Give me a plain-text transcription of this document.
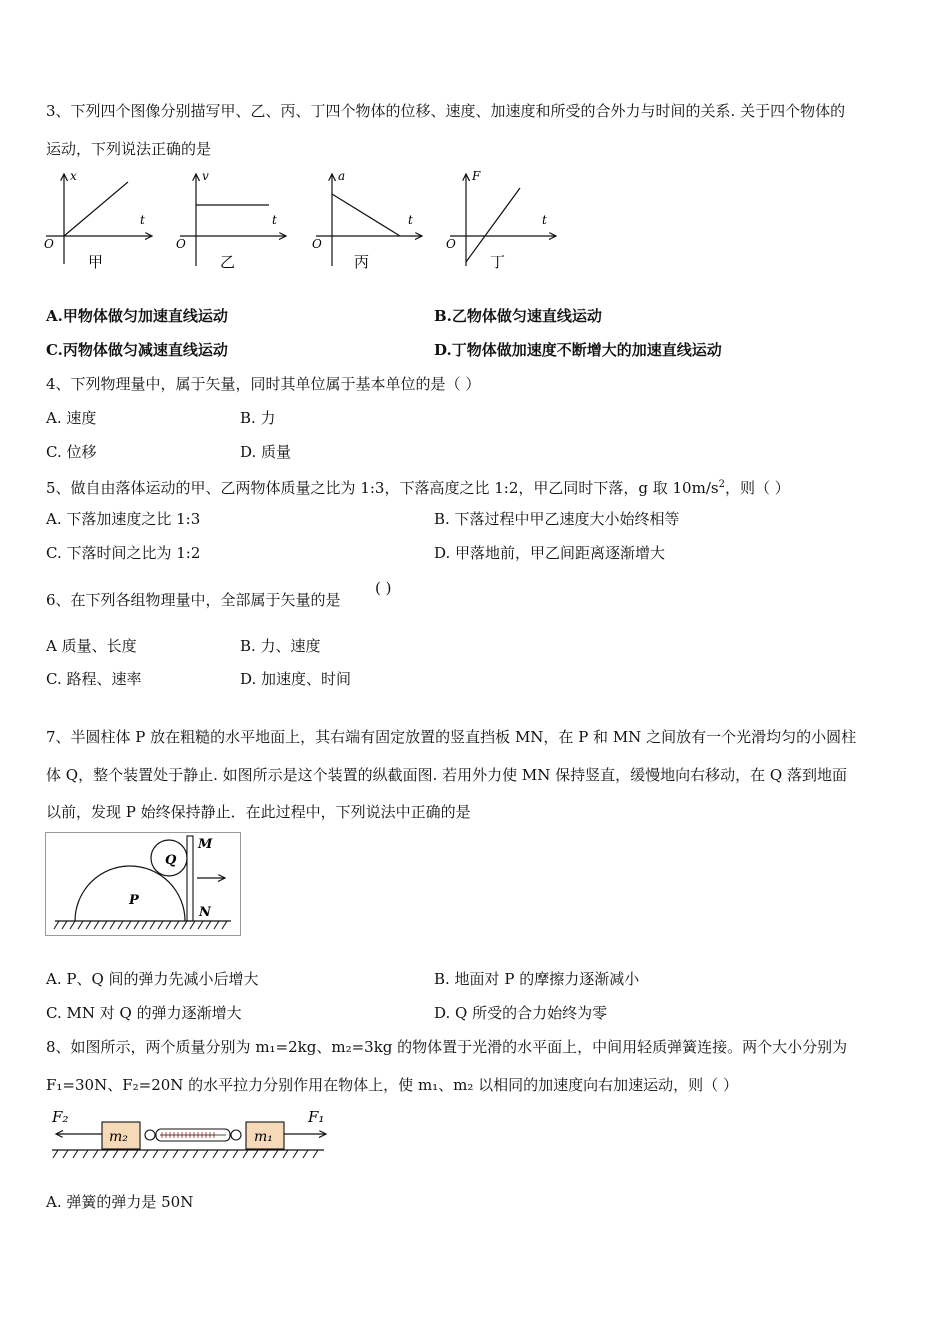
3、下列四个图像分别描写甲、乙、丙、丁四个物体的位移、速度、加速度和所受的合外力与时间的关系. 关于四个物体的
运动，下列说法正确的是
x
t
O
甲
v
t
O
乙
a
t
O
丙
F
t
O
丁
A.甲物体做匀加速直线运动	B.乙物体做匀速直线运动
C.丙物体做匀减速直线运动	D.丁物体做加速度不断增大的加速直线运动
4、下列物理量中，属于矢量，同时其单位属于基本单位的是（ ）
A. 速度	B. 力
C. 位移	D. 质量
5、做自由落体运动的甲、乙两物体质量之比为 1:3，下落高度之比 1:2，甲乙同时下落，g 取 $10m/s^2$，则（ ）
A. 下落加速度之比 1:3	B. 下落过程中甲乙速度大小始终相等
C. 下落时间之比为 1:2	D. 甲落地前，甲乙间距离逐渐增大
6、在下列各组物理量中，全部属于矢量的是
( )
A 质量、长度	B. 力、速度
C. 路程、速率	D. 加速度、时间
7、半圆柱体 P 放在粗糙的水平地面上，其右端有固定放置的竖直挡板 MN，在 P 和 MN 之间放有一个光滑均匀的小圆柱
体 Q，整个装置处于静止. 如图所示是这个装置的纵截面图. 若用外力使 MN 保持竖直，缓慢地向右移动，在 Q 落到地面
以前，发现 P 始终保持静止．在此过程中，下列说法中正确的是
Q
P
M
N
A. P、Q 间的弹力先减小后增大	B. 地面对 P 的摩擦力逐渐减小
C. MN 对 Q 的弹力逐渐增大	D. Q 所受的合力始终为零
8、如图所示，两个质量分别为 m₁=2kg、m₂=3kg 的物体置于光滑的水平面上，中间用轻质弹簧连接。两个大小分别为
F₁=30N、F₂=20N 的水平拉力分别作用在物体上，使 m₁、m₂ 以相同的加速度向右加速运动，则（ ）
F₂
m₂	m₁
F₁
A. 弹簧的弹力是 50N
